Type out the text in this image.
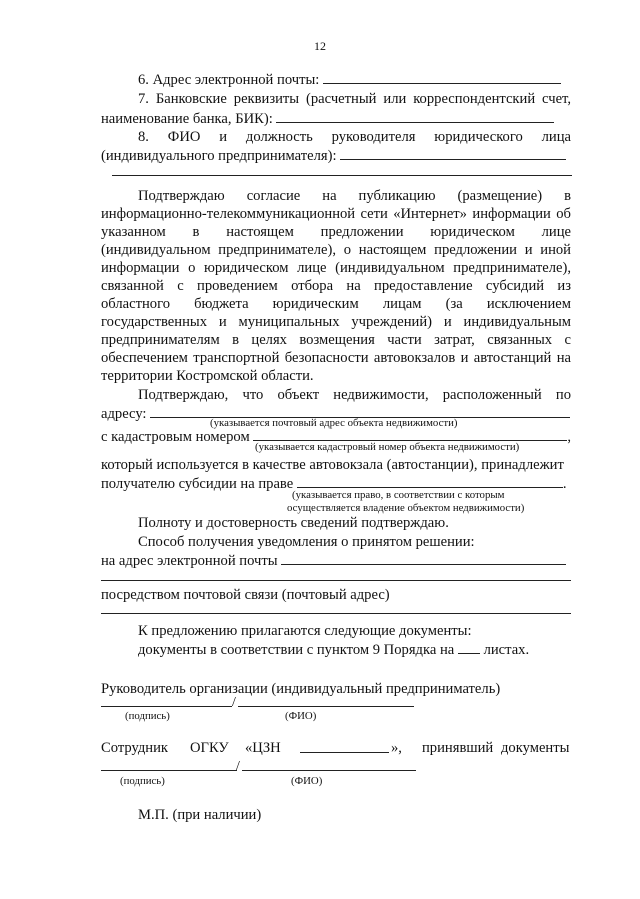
12
6. Адрес электронной почты:
7. Банковские реквизиты (расчетный или корреспондентский счет,
наименование банка, БИК):
8. ФИО и должность руководителя юридического лица
(индивидуального предпринимателя):
Подтверждаю согласие на публикацию (размещение) в
информационно-телекоммуникационной сети «Интернет» информации об
указанном в настоящем предложении юридическом лице
(индивидуальном предпринимателе), о настоящем предложении и иной
информации о юридическом лице (индивидуальном предпринимателе),
связанной с проведением отбора на предоставление субсидий из
областного бюджета юридическим лицам (за исключением
государственных и муниципальных учреждений) и индивидуальным
предпринимателям в целях возмещения части затрат, связанных с
обеспечением транспортной безопасности автовокзалов и автостанций на
территории Костромской области.
Подтверждаю, что объект недвижимости, расположенный по
адресу:
(указывается почтовый адрес объекта недвижимости)
с кадастровым номером	,
(указывается кадастровый номер объекта недвижимости)
который используется в качестве автовокзала (автостанции), принадлежит
получателю субсидии на праве	.
(указывается право, в соответствии с которым
осуществляется владение объектом недвижимости)
Полноту и достоверность сведений подтверждаю.
Способ получения уведомления о принятом решении:
на адрес электронной почты
посредством почтовой связи (почтовый адрес)
К предложению прилагаются следующие документы:
документы в соответствии с пунктом 9 Порядка на листах.
Руководитель организации (индивидуальный предприниматель)
/
(подпись)	(ФИО)
Сотрудник ОГКУ «ЦЗН	», принявший документы
/
(подпись)	(ФИО)
М.П. (при наличии)
